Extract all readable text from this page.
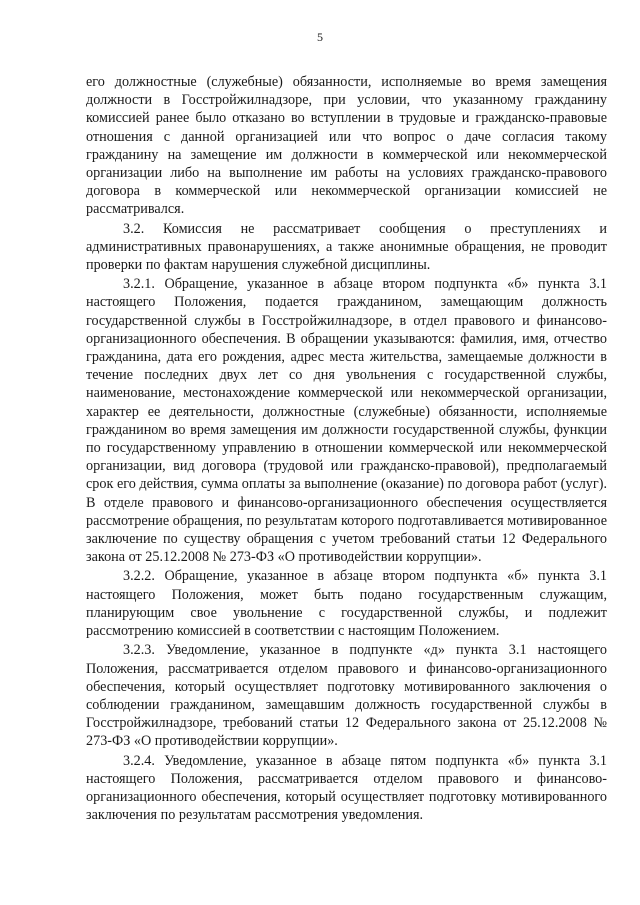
5

его должностные (служебные) обязанности, исполняемые во время замещения должности в Госстройжилнадзоре, при условии, что указанному гражданину комиссией ранее было отказано во вступлении в трудовые и гражданско-правовые отношения с данной организацией или что вопрос о даче согласия такому гражданину на замещение им должности в коммерческой или некоммерческой организации либо на выполнение им работы на условиях гражданско-правового договора в коммерческой или некоммерческой организации комиссией не рассматривался.

3.2. Комиссия не рассматривает сообщения о преступлениях и административных правонарушениях, а также анонимные обращения, не проводит проверки по фактам нарушения служебной дисциплины.

3.2.1. Обращение, указанное в абзаце втором подпункта «б» пункта 3.1 настоящего Положения, подается гражданином, замещающим должность государственной службы в Госстройжилнадзоре, в отдел правового и финансово-организационного обеспечения. В обращении указываются: фамилия, имя, отчество гражданина, дата его рождения, адрес места жительства, замещаемые должности в течение последних двух лет со дня увольнения с государственной службы, наименование, местонахождение коммерческой или некоммерческой организации, характер ее деятельности, должностные (служебные) обязанности, исполняемые гражданином во время замещения им должности государственной службы, функции по государственному управлению в отношении коммерческой или некоммерческой организации, вид договора (трудовой или гражданско-правовой), предполагаемый срок его действия, сумма оплаты за выполнение (оказание) по договора работ (услуг). В отделе правового и финансово-организационного обеспечения осуществляется рассмотрение обращения, по результатам которого подготавливается мотивированное заключение по существу обращения с учетом требований статьи 12 Федерального закона от 25.12.2008 № 273-ФЗ «О противодействии коррупции».

3.2.2. Обращение, указанное в абзаце втором подпункта «б» пункта 3.1 настоящего Положения, может быть подано государственным служащим, планирующим свое увольнение с государственной службы, и подлежит рассмотрению комиссией в соответствии с настоящим Положением.

3.2.3. Уведомление, указанное в подпункте «д» пункта 3.1 настоящего Положения, рассматривается отделом правового и финансово-организационного обеспечения, который осуществляет подготовку мотивированного заключения о соблюдении гражданином, замещавшим должность государственной службы в Госстройжилнадзоре, требований статьи 12 Федерального закона от 25.12.2008 № 273-ФЗ «О противодействии коррупции».

3.2.4. Уведомление, указанное в абзаце пятом подпункта «б» пункта 3.1 настоящего Положения, рассматривается отделом правового и финансово-организационного обеспечения, который осуществляет подготовку мотивированного заключения по результатам рассмотрения уведомления.
